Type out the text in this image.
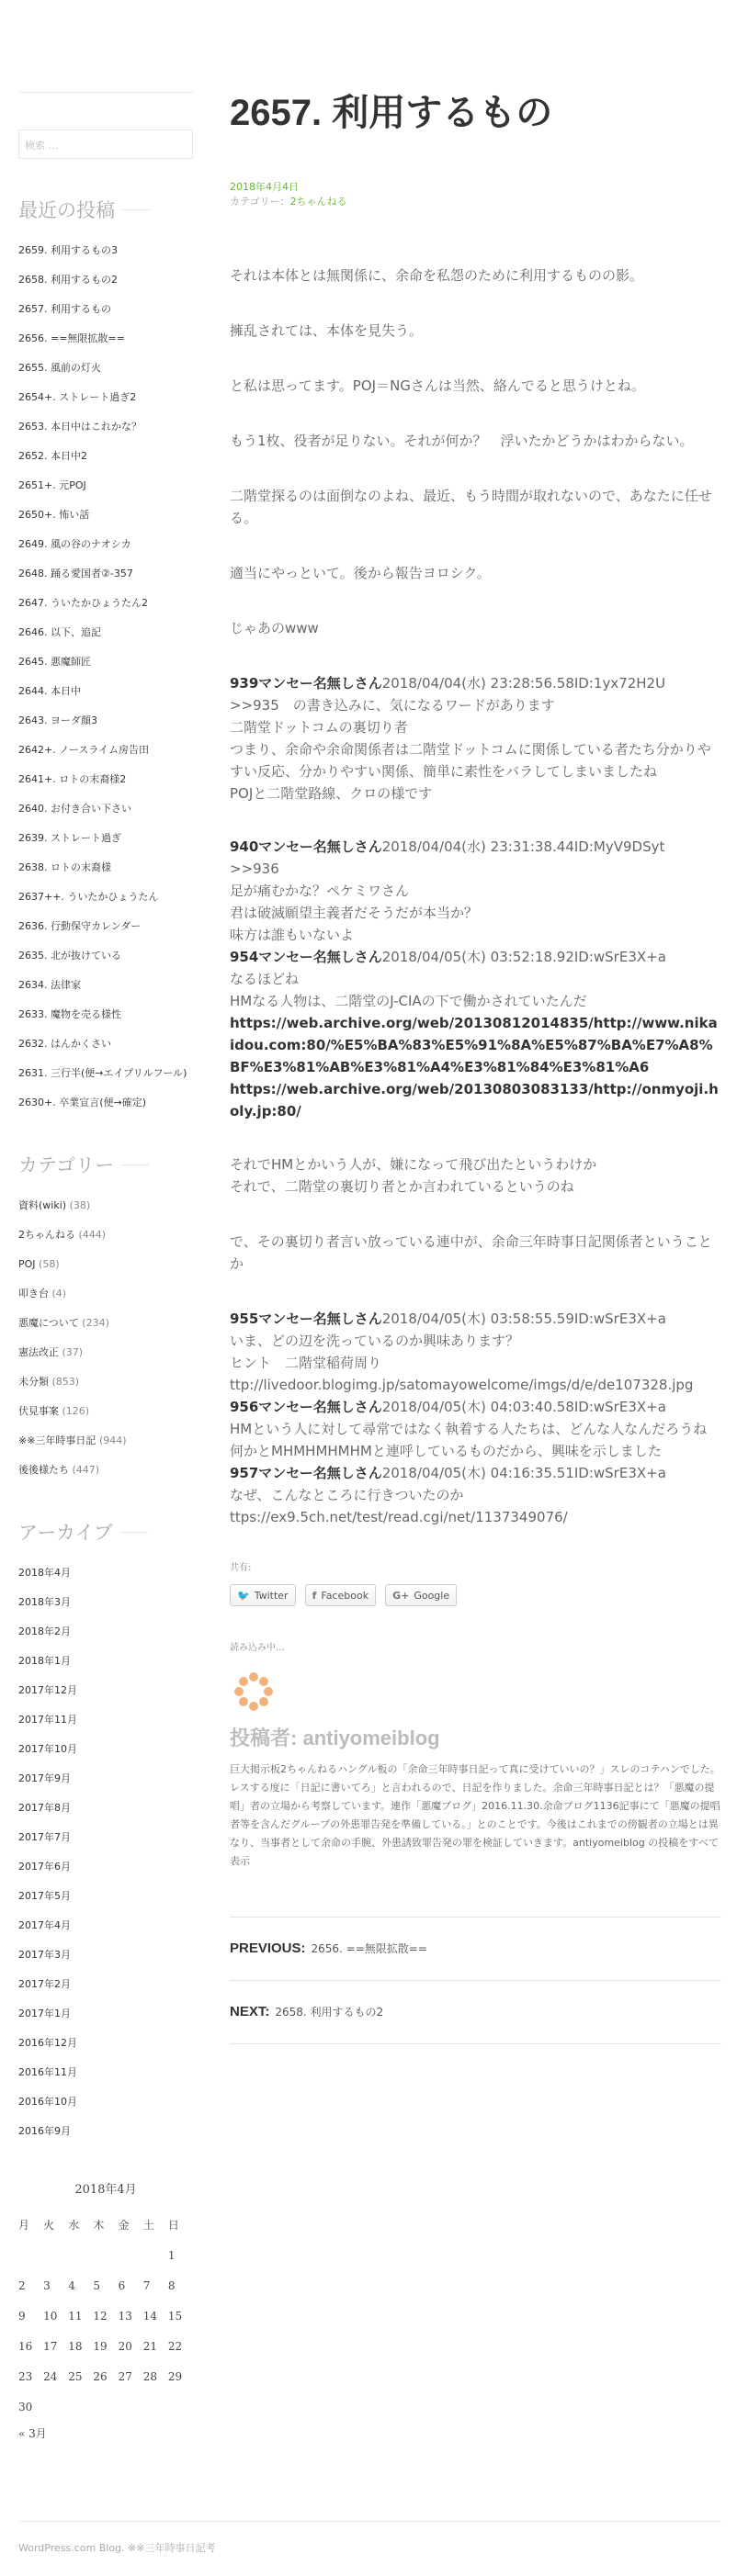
検索 …
最近の投稿
2659. 利用するもの3
2658. 利用するもの2
2657. 利用するもの
2656. ==無限拡散==
2655. 風前の灯火
2654+. ストレート過ぎ2
2653. 本日中はこれかな？
2652. 本日中2
2651+. 元POJ
2650+. 怖い話
2649. 風の谷のナオシカ
2648. 踊る愛国者②-357
2647. ういたかひょうたん2
2646. 以下、追記
2645. 悪魔師匠
2644. 本日中
2643. ヨーダ顔3
2642+. ノースライム房告田
2641+. ロトの末裔様2
2640. お付き合い下さい
2639. ストレート過ぎ
2638. ロトの末裔様
2637++. ういたかひょうたん
2636. 行動保守カレンダー
2635. 北が抜けている
2634. 法律家
2633. 魔物を売る様性
2632. はんかくさい
2631. 三行半(便→エイプリルフール)
2630+. 卒業宣言(便→確定)
カテゴリー
資料(wiki) (38)
2ちゃんねる (444)
POJ (58)
叩き台 (4)
悪魔について (234)
憲法改正 (37)
未分類 (853)
伏見事案 (126)
※※三年時事日記 (944)
後後様たち (447)
アーカイブ
2018年4月
2018年3月
2018年2月
2018年1月
2017年12月
2017年11月
2017年10月
2017年9月
2017年8月
2017年7月
2017年6月
2017年5月
2017年4月
2017年3月
2017年2月
2017年1月
2016年12月
2016年11月
2016年10月
2016年9月
2018年4月
月	火	水	木	金	土	日
						1
2	3	4	5	6	7	8
9	10	11	12	13	14	15
16	17	18	19	20	21	22
23	24	25	26	27	28	29
30						
« 3月
2657. 利用するもの
2018年4月4日
カテゴリー：2ちゃんねる

それは本体とは無関係に、余命を私怨のために利用するものの影。

擁乱されては、本体を見失う。

と私は思ってます。POJ＝NGさんは当然、絡んでると思うけとね。

もう1枚、役者が足りない。それが何か？　浮いたかどうかはわからない。

二階堂探るのは面倒なのよね、最近、もう時間が取れないので、あなたに任せる。

適当にやっといて。後から報告ヨロシク。

じゃあのwww

939マンセー名無しさん2018/04/04(水) 23:28:56.58ID:1yx72H2U
>>935　の書き込みに、気になるワードがあります
二階堂ドットコムの裏切り者
つまり、余命や余命関係者は二階堂ドットコムに関係している者たち分かりやすい反応、分かりやすい関係、簡単に素性をバラしてしまいましたね
POJと二階堂路線、クロの様です

940マンセー名無しさん2018/04/04(水) 23:31:38.44ID:MyV9DSyt
>>936
足が痛むかな？ペケミワさん
君は破滅願望主義者だそうだが本当か？
味方は誰もいないよ
954マンセー名無しさん2018/04/05(木) 03:52:18.92ID:wSrE3X+a
なるほどね
HMなる人物は、二階堂のJ-CIAの下で働かされていたんだ
https://web.archive.org/web/20130812014835/http://www.nikaidou.com:80/%E5%BA%83%E5%91%8A%E5%87%BA%E7%A8%BF%E3%81%AB%E3%81%A4%E3%81%84%E3%81%A6
https://web.archive.org/web/20130803083133/http://onmyoji.holy.jp:80/

それでHMとかいう人が、嫌になって飛び出たというわけか
それで、二階堂の裏切り者とか言われているというのね

で、その裏切り者言い放っている連中が、余命三年時事日記関係者ということか

955マンセー名無しさん2018/04/05(木) 03:58:55.59ID:wSrE3X+a
いま、どの辺を洗っているのか興味あります？
ヒント　二階堂稲荷周り
ttp://livedoor.blogimg.jp/satomayowelcome/imgs/d/e/de107328.jpg
956マンセー名無しさん2018/04/05(木) 04:03:40.58ID:wSrE3X+a
HMという人に対して尋常ではなく執着する人たちは、どんな人なんだろうね
何かとMHMHMHMHMと連呼しているものだから、興味を示しました
957マンセー名無しさん2018/04/05(木) 04:16:35.51ID:wSrE3X+a
なぜ、こんなところに行きついたのか
ttps://ex9.5ch.net/test/read.cgi/net/1137349076/

共有:
🐦 Twitter f Facebook G+ Google
読み込み中…
投稿者: antiyomeiblog
巨大掲示板2ちゃんねるハングル板の「余命三年時事日記って真に受けていいの？」スレのコテハンでした。レスする度に「日記に書いてろ」と言われるので、日記を作りました。余命三年時事日記とは？「悪魔の提唱」者の立場から考察しています。連作「悪魔ブログ」2016.11.30.余命ブログ1136記事にて「悪魔の提唱者等を含んだグループの外患罪告発を準備している。」とのことです。今後はこれまでの傍観者の立場とは異なり、当事者として余命の手腕、外患誘致罪告発の罪を検証していきます。antiyomeiblog の投稿をすべて表示
PREVIOUS: 2656. ==無限拡散==
NEXT: 2658. 利用するもの2
WordPress.com Blog. ※※三年時事日記考
